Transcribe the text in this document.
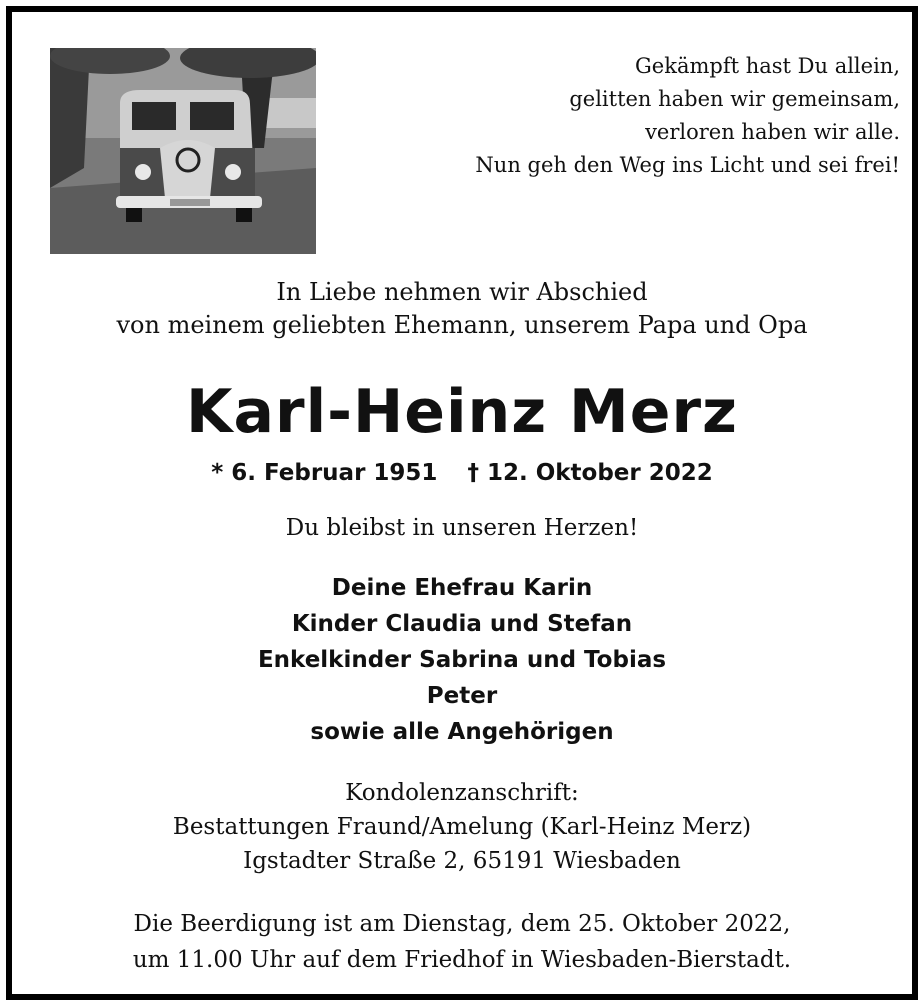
Gekämpft hast Du allein,
gelitten haben wir gemeinsam,
verloren haben wir alle.
Nun geh den Weg ins Licht und sei frei!
In Liebe nehmen wir Abschied
von meinem geliebten Ehemann, unserem Papa und Opa
Karl-Heinz Merz
* 6. Februar 1951 † 12. Oktober 2022
Du bleibst in unseren Herzen!
Deine Ehefrau Karin
Kinder Claudia und Stefan
Enkelkinder Sabrina und Tobias
Peter
sowie alle Angehörigen
Kondolenzanschrift:
Bestattungen Fraund/Amelung (Karl-Heinz Merz)
Igstadter Straße 2, 65191 Wiesbaden
Die Beerdigung ist am Dienstag, dem 25. Oktober 2022,
um 11.00 Uhr auf dem Friedhof in Wiesbaden-Bierstadt.
